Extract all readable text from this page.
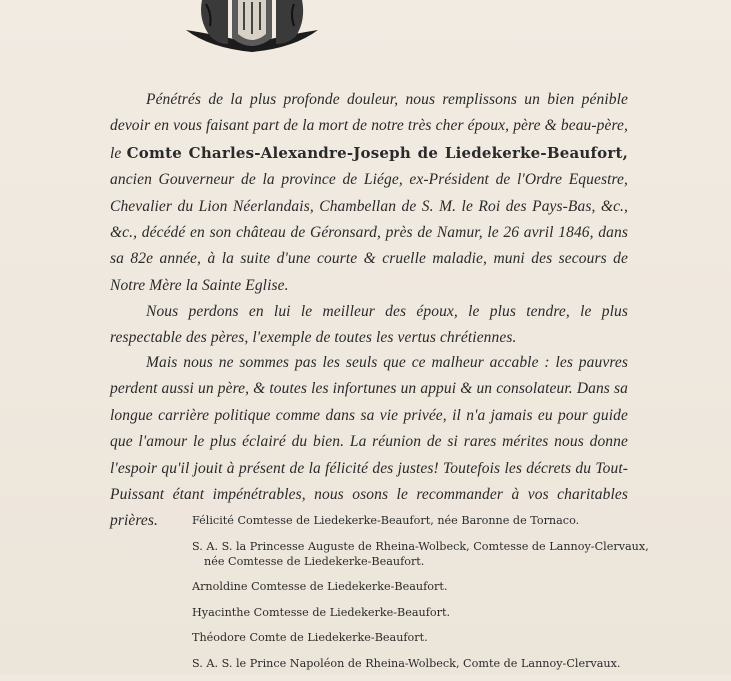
Pénétrés de la plus profonde douleur, nous remplissons un bien pénible devoir en vous faisant part de la mort de notre très cher époux, père & beau-père, le Comte Charles-Alexandre-Joseph de Liedekerke-Beaufort, ancien Gouverneur de la province de Liége, ex-Président de l'Ordre Equestre, Chevalier du Lion Néerlandais, Chambellan de S. M. le Roi des Pays-Bas, &c., &c., décédé en son château de Géronsard, près de Namur, le 26 avril 1846, dans sa 82e année, à la suite d'une courte & cruelle maladie, muni des secours de Notre Mère la Sainte Eglise.
Nous perdons en lui le meilleur des époux, le plus tendre, le plus respectable des pères, l'exemple de toutes les vertus chrétiennes.
Mais nous ne sommes pas les seuls que ce malheur accable : les pauvres perdent aussi un père, & toutes les infortunes un appui & un consolateur. Dans sa longue carrière politique comme dans sa vie privée, il n'a jamais eu pour guide que l'amour le plus éclairé du bien. La réunion de si rares mérites nous donne l'espoir qu'il jouit à présent de la félicité des justes! Toutefois les décrets du Tout-Puissant étant impénétrables, nous osons le recommander à vos charitables prières.	Félicité Comtesse de Liedekerke-Beaufort, née Baronne de Tornaco.
S. A. S. la Princesse Auguste de Rheina-Wolbeck, Comtesse de Lannoy-Clervaux,
née Comtesse de Liedekerke-Beaufort.
Arnoldine Comtesse de Liedekerke-Beaufort.
Hyacinthe Comtesse de Liedekerke-Beaufort.
Théodore Comte de Liedekerke-Beaufort.
S. A. S. le Prince Napoléon de Rheina-Wolbeck, Comte de Lannoy-Clervaux.
